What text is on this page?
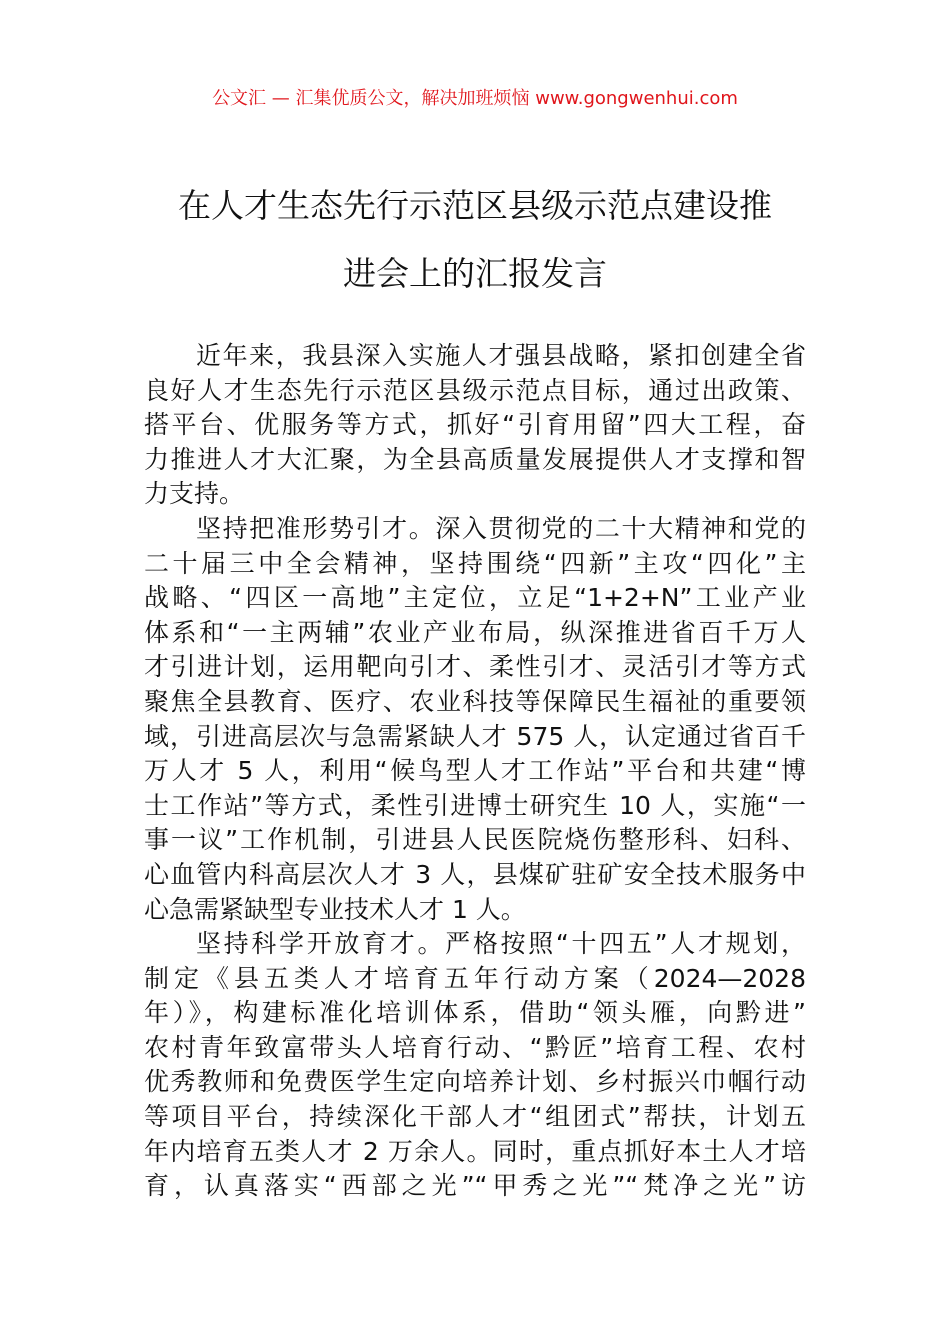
公文汇 — 汇集优质公文，解决加班烦恼 www.gongwenhui.com
在人才生态先行示范区县级示范点建设推
进会上的汇报发言
近年来，我县深入实施人才强县战略，紧扣创建全省
良好人才生态先行示范区县级示范点目标，通过出政策、
搭平台、优服务等方式，抓好“引育用留”四大工程，奋
力推进人才大汇聚，为全县高质量发展提供人才支撑和智
力支持。
坚持把准形势引才。深入贯彻党的二十大精神和党的
二十届三中全会精神，坚持围绕“四新”主攻“四化”主
战略、“四区一高地”主定位，立足“1+2+N”工业产业
体系和“一主两辅”农业产业布局，纵深推进省百千万人
才引进计划，运用靶向引才、柔性引才、灵活引才等方式
聚焦全县教育、医疗、农业科技等保障民生福祉的重要领
域，引进高层次与急需紧缺人才 575 人，认定通过省百千
万人才 5 人，利用“候鸟型人才工作站”平台和共建“博
士工作站”等方式，柔性引进博士研究生 10 人，实施“一
事一议”工作机制，引进县人民医院烧伤整形科、妇科、
心血管内科高层次人才 3 人，县煤矿驻矿安全技术服务中
心急需紧缺型专业技术人才 1 人。
坚持科学开放育才。严格按照“十四五”人才规划，
制定《县五类人才培育五年行动方案（2024—2028
年）》，构建标准化培训体系，借助“领头雁，向黔进”
农村青年致富带头人培育行动、“黔匠”培育工程、农村
优秀教师和免费医学生定向培养计划、乡村振兴巾帼行动
等项目平台，持续深化干部人才“组团式”帮扶，计划五
年内培育五类人才 2 万余人。同时，重点抓好本土人才培
育，认真落实“西部之光”“甲秀之光”“梵净之光”访
